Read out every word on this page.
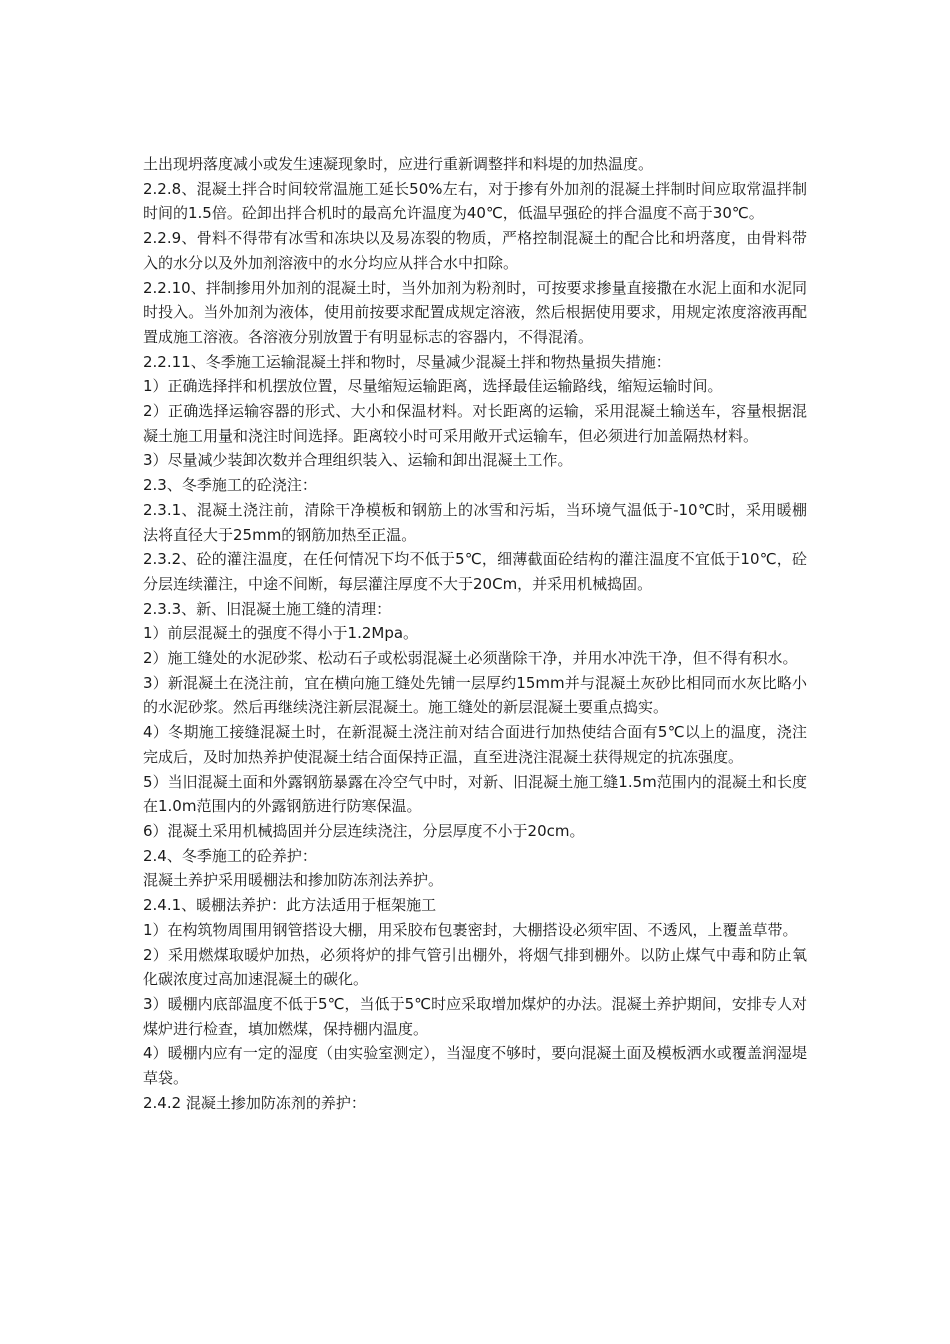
土出现坍落度减小或发生速凝现象时，应进行重新调整拌和料堤的加热温度。

2.2.8、混凝土拌合时间较常温施工延长50%左右，对于掺有外加剂的混凝土拌制时间应取常温拌制时间的1.5倍。砼卸出拌合机时的最高允许温度为40℃，低温早强砼的拌合温度不高于30℃。

2.2.9、骨料不得带有冰雪和冻块以及易冻裂的物质，严格控制混凝土的配合比和坍落度，由骨料带入的水分以及外加剂溶液中的水分均应从拌合水中扣除。

2.2.10、拌制掺用外加剂的混凝土时，当外加剂为粉剂时，可按要求掺量直接撒在水泥上面和水泥同时投入。当外加剂为液体，使用前按要求配置成规定溶液，然后根据使用要求，用规定浓度溶液再配置成施工溶液。各溶液分别放置于有明显标志的容器内，不得混淆。

2.2.11、冬季施工运输混凝土拌和物时，尽量减少混凝土拌和物热量损失措施：

1）正确选择拌和机摆放位置，尽量缩短运输距离，选择最佳运输路线，缩短运输时间。

2）正确选择运输容器的形式、大小和保温材料。对长距离的运输，采用混凝土输送车，容量根据混凝土施工用量和浇注时间选择。距离较小时可采用敞开式运输车，但必须进行加盖隔热材料。

3）尽量减少装卸次数并合理组织装入、运输和卸出混凝土工作。

2.3、冬季施工的砼浇注：

2.3.1、混凝土浇注前，清除干净模板和钢筋上的冰雪和污垢，当环境气温低于-10℃时，采用暖棚法将直径大于25mm的钢筋加热至正温。

2.3.2、砼的灌注温度，在任何情况下均不低于5℃，细薄截面砼结构的灌注温度不宜低于10℃，砼分层连续灌注，中途不间断，每层灌注厚度不大于20Cm，并采用机械捣固。

2.3.3、新、旧混凝土施工缝的清理：

1）前层混凝土的强度不得小于1.2Mpa。

2）施工缝处的水泥砂浆、松动石子或松弱混凝土必须凿除干净，并用水冲洗干净，但不得有积水。

3）新混凝土在浇注前，宜在横向施工缝处先铺一层厚约15mm并与混凝土灰砂比相同而水灰比略小的水泥砂浆。然后再继续浇注新层混凝土。施工缝处的新层混凝土要重点捣实。

4）冬期施工接缝混凝土时，在新混凝土浇注前对结合面进行加热使结合面有5℃以上的温度，浇注完成后，及时加热养护使混凝土结合面保持正温，直至进浇注混凝土获得规定的抗冻强度。

5）当旧混凝土面和外露钢筋暴露在冷空气中时，对新、旧混凝土施工缝1.5m范围内的混凝土和长度在1.0m范围内的外露钢筋进行防寒保温。

6）混凝土采用机械捣固并分层连续浇注，分层厚度不小于20cm。

2.4、冬季施工的砼养护：

混凝土养护采用暖棚法和掺加防冻剂法养护。

2.4.1、暖棚法养护：此方法适用于框架施工

1）在构筑物周围用钢管搭设大棚，用采胶布包裹密封，大棚搭设必须牢固、不透风，上覆盖草带。

2）采用燃煤取暖炉加热，必须将炉的排气管引出棚外，将烟气排到棚外。以防止煤气中毒和防止氧化碳浓度过高加速混凝土的碳化。

3）暖棚内底部温度不低于5℃，当低于5℃时应采取增加煤炉的办法。混凝土养护期间，安排专人对煤炉进行检查，填加燃煤，保持棚内温度。

4）暖棚内应有一定的湿度（由实验室测定），当湿度不够时，要向混凝土面及模板洒水或覆盖润湿堤草袋。

2.4.2 混凝土掺加防冻剂的养护：
